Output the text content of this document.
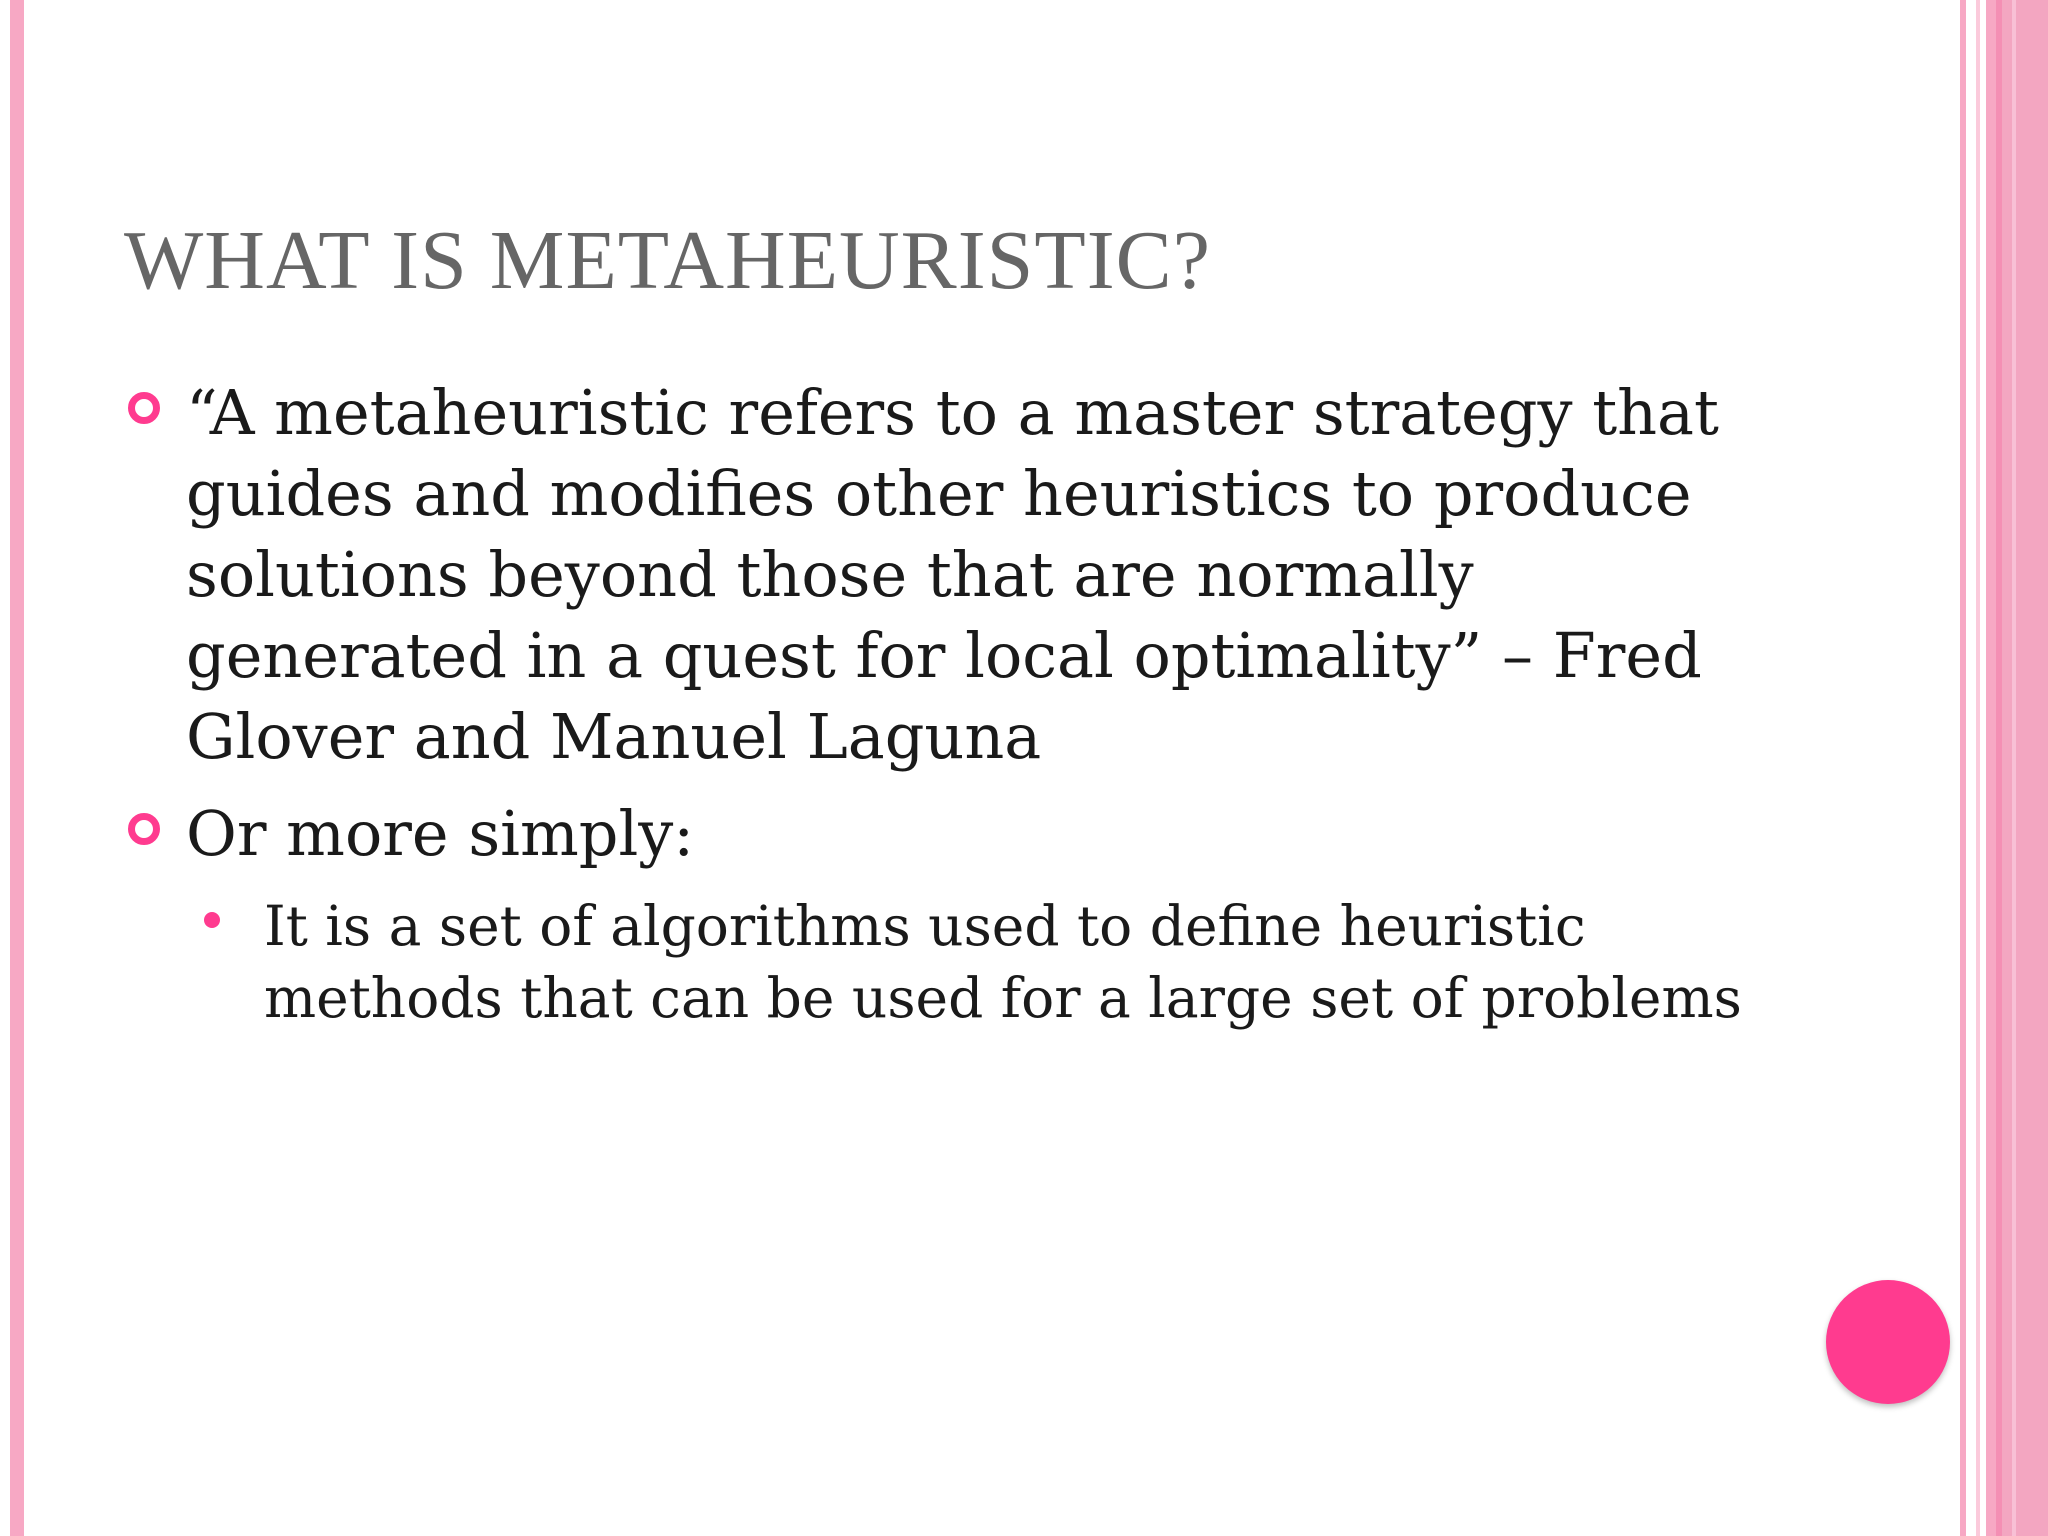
WHAT IS METAHEURISTIC?
“A metaheuristic refers to a master strategy that guides and modifies other heuristics to produce solutions beyond those that are normally generated in a quest for local optimality” – Fred Glover and Manuel Laguna
Or more simply:
It is a set of algorithms used to define heuristic methods that can be used for a large set of problems
